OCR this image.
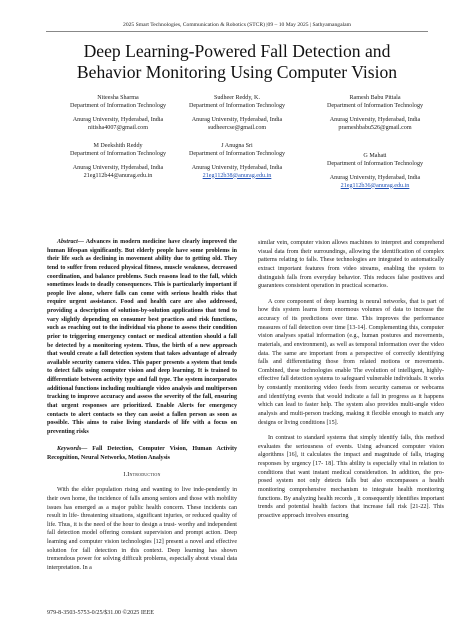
2025 Smart Technologies, Communication & Robotics (STCR) |09 – 10 May 2025 | Sathyamangalam
Deep Learning-Powered Fall Detection and
Behavior Monitoring Using Computer Vision
Niteesha Sharma
Department of Information Technology
Anurag University, Hyderabad, India
nitisha4007@gmail.com
Sudheer Reddy, K.
Department of Information Technology
Anurag University, Hyderabad, India
sudheercse@gmail.com
Ramesh Babu Pittala
Department of Information Technology
Anurag University, Hyderabad, India
prameshbabu526@gmail.com
M Deekshith Reddy
Department of Information Technology
Anurag University, Hyderabad, India
21eg112b44@anurag.edu.in
J Anugna Sri
Department of Information Technology
Anurag University, Hyderabad, India
21eg112b38@anurag.edu.in
G Mahati
Department of Information Technology
Anurag University, Hyderabad, India
21eg112b36@anurag.edu.in

Abstract— Advances in modern medicine have clearly improved the human lifespan significantly. But elderly people have some problems in their life such as declining in movement ability due to getting old. They tend to suffer from reduced physical fitness, muscle weakness, decreased coordination, and balance problems. Such reasons lead to the fall, which sometimes leads to deadly consequences. This is particularly important if people live alone, where falls can come with serious health risks that require urgent assistance. Food and health care are also addressed, providing a description of solution-by-solution applications that tend to vary slightly depending on consumer best practices and risk functions, such as reaching out to the individual via phone to assess their condition prior to triggering emergency contact or medical attention should a fall be detected by a monitoring system. Thus, the birth of a new approach that would create a fall detection system that takes advantage of already available security camera video. This paper presents a system that tends to detect falls using computer vision and deep learning. It is trained to differentiate between activity type and fall type. The system incorporates additional functions including multiangle video analysis and multiperson tracking to improve accuracy and assess the severity of the fall, ensuring that urgent responses are prioritized. Enable Alerts for emergency contacts to alert contacts so they can assist a fallen person as soon as possible. This aims to raise living standards of life with a focus on preventing risks

Keywords— Fall Detection, Computer Vision, Human Activity Recognition, Neural Networks, Motion Analysis

I.Introduction

With the elder population rising and wanting to live inde-pendently in their own home, the incidence of falls among seniors and those with mobility issues has emerged as a major public health concern. These incidents can result in life- threatening situations, significant injuries, or reduced quality of life. Thus, it is the need of the hour to design a trust- worthy and independent fall detection model offering constant supervision and prompt action. Deep learning and computer vision technologies [12] present a novel and effective solution for fall detection in this context. Deep learning has shown tremendous power for solving difficult problems, especially about visual data interpretation. In a

similar vein, computer vision allows machines to interpret and comprehend visual data from their surroundings, allowing the identification of complex patterns relating to falls. These technologies are integrated to automatically extract important features from video streams, enabling the system to distinguish falls from everyday behavior. This reduces false positives and guarantees consistent operation in practical scenarios.

A core component of deep learning is neural networks, that is part of how this system learns from enormous volumes of data to increase the accuracy of its predictions over time. This improves the performance measures of fall detection over time [13-14]. Complementing this, computer vision analyses spatial information (e.g., human postures and movements, materials, and environment), as well as temporal information over the video data. The same are important from a perspective of correctly identifying falls and differentiating those from related motions or movements. Combined, these technologies enable The evolution of intelligent, highly-effective fall detection systems to safeguard vulnerable individuals. It works by constantly monitoring video feeds from security cameras or webcams and identifying events that would indicate a fall in progress as it happens which can lead to faster help. The system also provides multi-angle video analysis and multi-person tracking, making it flexible enough to match any designs or living conditions [15].

In contrast to standard systems that simply identify falls, this method evaluates the seriousness of events. Using advanced computer vision algorithms [16], it calculates the impact and magnitude of falls, triaging responses by urgency [17- 18]. This ability is especially vital in relation to conditions that want instant medical consideration. In addition, the pro- posed system not only detects falls but also encompasses a health monitoring comprehensive mechanism to integrate health monitoring functions. By analyzing health records , it consequently identifies important trends and potential health factors that increase fall risk [21-22]. This proactive approach involves ensuring

979-8-3503-5753-0/25/$31.00 ©2025 IEEE
